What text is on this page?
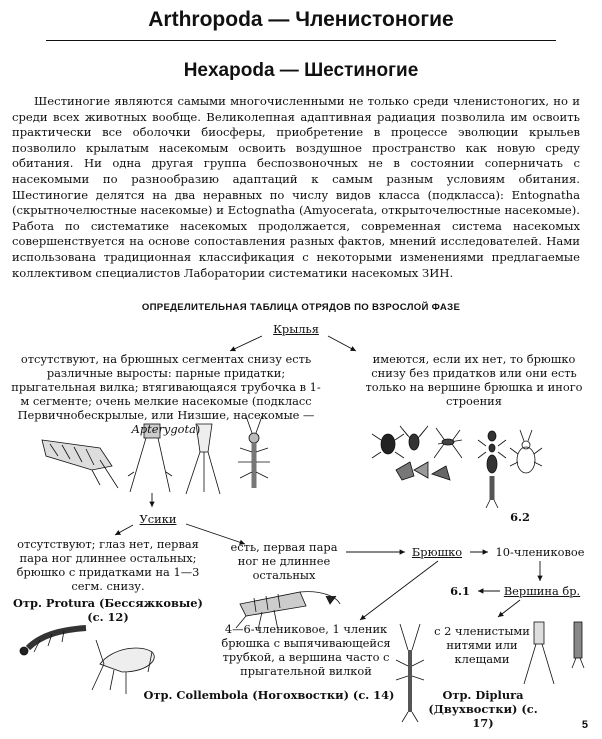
Arthropoda — Членистоногие
Hexapoda — Шестиногие

Шестиногие являются самыми многочисленными не только среди членистоногих, но и среди всех животных вообще. Великолепная адаптивная радиация позволила им освоить практически все оболочки биосферы, приобретение в процессе эволюции крыльев позволило крылатым насекомым освоить воздушное пространство как новую среду обитания. Ни одна другая группа беспозвоночных не в состоянии соперничать с насекомыми по разнообразию адаптаций к самым разным условиям обитания. Шестиногие делятся на два неравных по числу видов класса (подкласса): Entognatha (скрытночелюстные насекомые) и Ectognatha (Amyocerata, открыточелюстные насекомые). Работа по систематике насекомых продолжается, современная система насекомых совершенствуется на основе сопоставления разных фактов, мнений исследователей. Нами использована традиционная классификация с некоторыми изменениями предлагаемые коллективом специалистов Лаборатории систематики насекомых ЗИН.

ОПРЕДЕЛИТЕЛЬНАЯ ТАБЛИЦА ОТРЯДОВ ПО ВЗРОСЛОЙ ФАЗЕ
Крылья
отсутствуют, на брюшных сегментах снизу есть различные выросты: парные придатки; прыгательная вилка; втягивающаяся трубочка в 1-м сегменте; очень мелкие насекомые (подкласс Первичнобескрылые, или Низшие, насекомые — Apterygota)
имеются, если их нет, то брюшко снизу без придатков или они есть только на вершине брюшка и иного строения
6.2
Усики
отсутствуют; глаз нет, первая пара ног длиннее остальных; брюшко с придатками на 1—3 сегм. снизу.
Отр. Protura (Бессяжковые) (с. 12)
есть, первая пара ног не длиннее остальных
Брюшко	10-члениковое
6.1	Вершина бр.
4—6-члениковое, 1 членик брюшка с выпячивающейся трубкой, а вершина часто с прыгательной вилкой
Отр. Collembola (Ногохвостки) (с. 14)
с 2 членистыми нитями или клещами
Отр. Diplura (Двухвостки) (с. 17)	5
